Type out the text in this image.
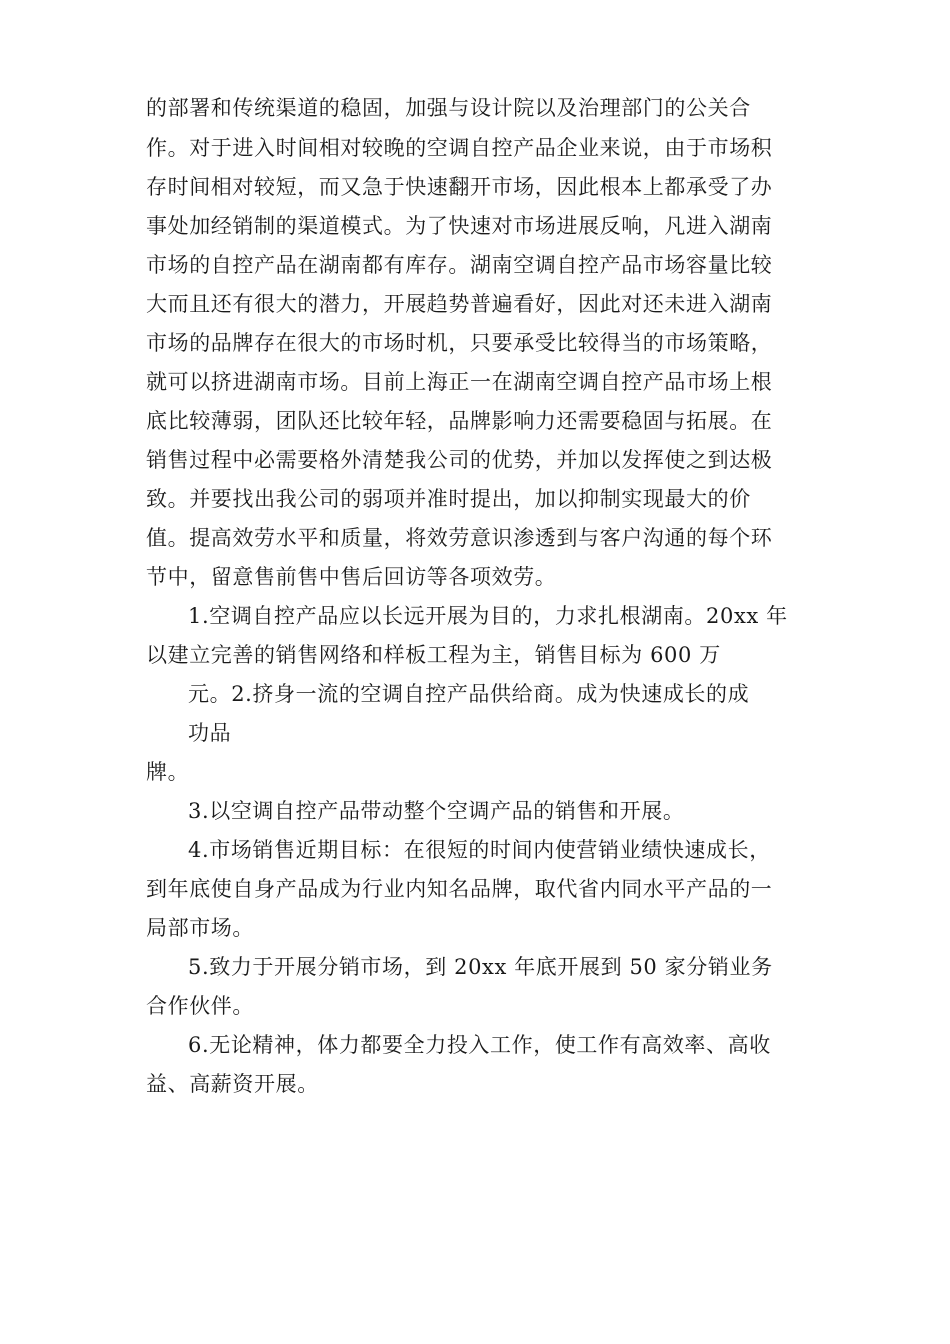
的部署和传统渠道的稳固，加强与设计院以及治理部门的公关合
作。对于进入时间相对较晚的空调自控产品企业来说，由于市场积
存时间相对较短，而又急于快速翻开市场，因此根本上都承受了办
事处加经销制的渠道模式。为了快速对市场进展反响，凡进入湖南
市场的自控产品在湖南都有库存。湖南空调自控产品市场容量比较
大而且还有很大的潜力，开展趋势普遍看好，因此对还未进入湖南
市场的品牌存在很大的市场时机，只要承受比较得当的市场策略，
就可以挤进湖南市场。目前上海正一在湖南空调自控产品市场上根
底比较薄弱，团队还比较年轻，品牌影响力还需要稳固与拓展。在
销售过程中必需要格外清楚我公司的优势，并加以发挥使之到达极
致。并要找出我公司的弱项并准时提出，加以抑制实现最大的价
值。提高效劳水平和质量，将效劳意识渗透到与客户沟通的每个环
节中，留意售前售中售后回访等各项效劳。
1.空调自控产品应以长远开展为目的，力求扎根湖南。20xx 年
以建立完善的销售网络和样板工程为主，销售目标为 600 万
元。2.挤身一流的空调自控产品供给商。成为快速成长的成
功品
牌。
3.以空调自控产品带动整个空调产品的销售和开展。
4.市场销售近期目标：在很短的时间内使营销业绩快速成长，
到年底使自身产品成为行业内知名品牌，取代省内同水平产品的一
局部市场。
5.致力于开展分销市场，到 20xx 年底开展到 50 家分销业务
合作伙伴。
6.无论精神，体力都要全力投入工作，使工作有高效率、高收
益、高薪资开展。
